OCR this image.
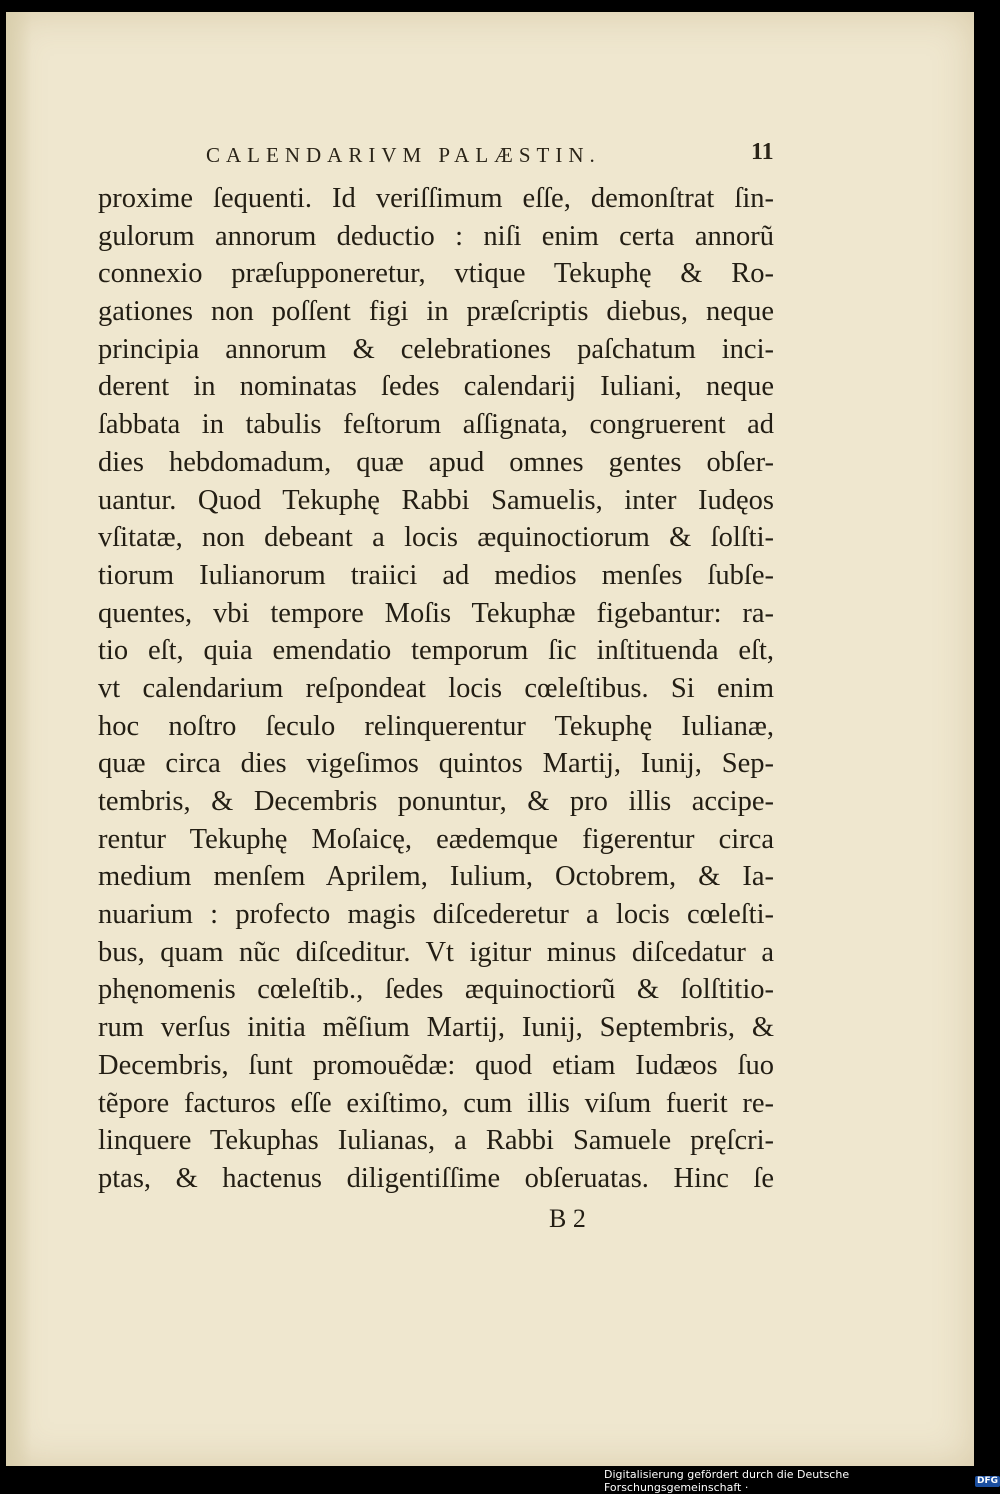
CALENDARIVM PALÆSTIN.	11
proxime ſequenti. Id veriſſimum eſſe, demonſtrat ſin-
gulorum annorum deductio : niſi enim certa annorũ
connexio præſupponeretur, vtique Tekuphę & Ro-
gationes non poſſent figi in præſcriptis diebus, neque
principia annorum & celebrationes paſchatum inci-
derent in nominatas ſedes calendarij Iuliani, neque
ſabbata in tabulis feſtorum aſſignata, congruerent ad
dies hebdomadum, quæ apud omnes gentes obſer-
uantur. Quod Tekuphę Rabbi Samuelis, inter Iudęos
vſitatæ, non debeant a locis æquinoctiorum & ſolſti-
tiorum Iulianorum traiici ad medios menſes ſubſe-
quentes, vbi tempore Moſis Tekuphæ figebantur: ra-
tio eſt, quia emendatio temporum ſic inſtituenda eſt,
vt calendarium reſpondeat locis cœleſtibus. Si enim
hoc noſtro ſeculo relinquerentur Tekuphę Iulianæ,
quæ circa dies vigeſimos quintos Martij, Iunij, Sep-
tembris, & Decembris ponuntur, & pro illis accipe-
rentur Tekuphę Moſaicę, eædemque figerentur circa
medium menſem Aprilem, Iulium, Octobrem, & Ia-
nuarium : profecto magis diſcederetur a locis cœleſti-
bus, quam nũc diſceditur. Vt igitur minus diſcedatur a
phęnomenis cœleſtib., ſedes æquinoctiorũ & ſolſtitio-
rum verſus initia mẽſium Martij, Iunij, Septembris, &
Decembris, ſunt promouẽdæ: quod etiam Iudæos ſuo
tẽpore facturos eſſe exiſtimo, cum illis viſum fuerit re-
linquere Tekuphas Iulianas, a Rabbi Samuele pręſcri-
ptas, & hactenus diligentiſſime obſeruatas. Hinc ſe
B 2
Digitalisierung gefördert durch die Deutsche Forschungsgemeinschaft ·
DFG
